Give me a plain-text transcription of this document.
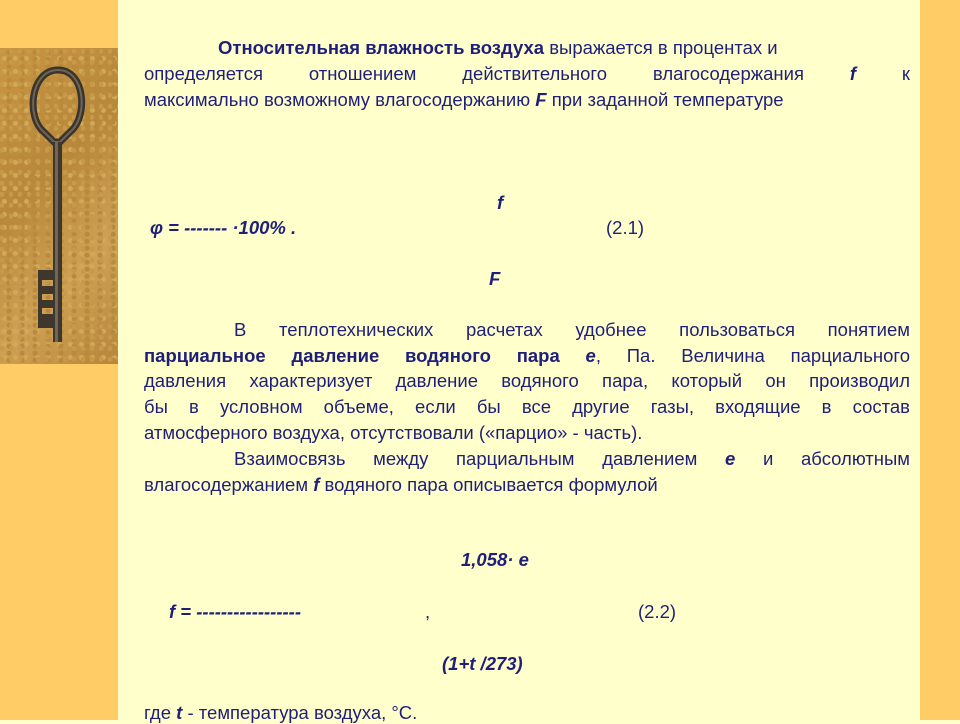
Относительная влажность воздуха выражается в процентах и
определяется отношением действительного влагосодержания f к
максимально возможному влагосодержанию F при заданной температуре
f
φ = ------- ·100% .	(2.1)
F
В теплотехнических расчетах удобнее пользоваться понятием
парциальное давление водяного пара е, Па. Величина парциального
давления характеризует давление водяного пара, который он производил
бы в условном объеме, если бы все другие газы, входящие в состав
атмосферного воздуха, отсутствовали («парцио» - часть).
Взаимосвязь между парциальным давлением е и абсолютным
влагосодержанием f водяного пара описывается формулой
1,058· е
f = -----------------	,	(2.2)
(1+t /273)
где t - температура воздуха, °С.
